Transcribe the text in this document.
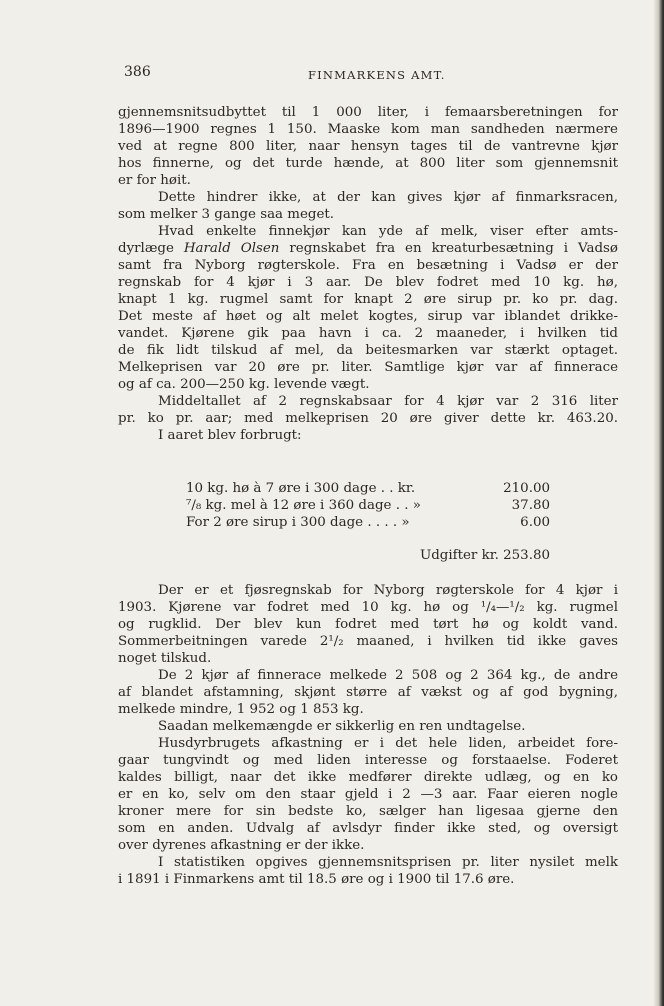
386	FINMARKENS AMT.
gjennemsnitsudbyttet til 1 000 liter, i femaarsberetningen for
1896—1900 regnes 1 150. Maaske kom man sandheden nærmere
ved at regne 800 liter, naar hensyn tages til de vantrevne kjør
hos finnerne, og det turde hænde, at 800 liter som gjennemsnit
er for høit.
Dette hindrer ikke, at der kan gives kjør af finmarksracen,
som melker 3 gange saa meget.
Hvad enkelte finnekjør kan yde af melk, viser efter amts-
dyrlæge Harald Olsen regnskabet fra en kreaturbesætning i Vadsø
samt fra Nyborg røgterskole. Fra en besætning i Vadsø er der
regnskab for 4 kjør i 3 aar. De blev fodret med 10 kg. hø,
knapt 1 kg. rugmel samt for knapt 2 øre sirup pr. ko pr. dag.
Det meste af høet og alt melet kogtes, sirup var iblandet drikke-
vandet. Kjørene gik paa havn i ca. 2 maaneder, i hvilken tid
de fik lidt tilskud af mel, da beitesmarken var stærkt optaget.
Melkeprisen var 20 øre pr. liter. Samtlige kjør var af finnerace
og af ca. 200—250 kg. levende vægt.
Middeltallet af 2 regnskabsaar for 4 kjør var 2 316 liter
pr. ko pr. aar; med melkeprisen 20 øre giver dette kr. 463.20.
I aaret blev forbrugt:
10 kg. hø à 7 øre i 300 dage . . kr.	210.00
⁷/₈ kg. mel à 12 øre i 360 dage . . »	37.80
For 2 øre sirup i 300 dage . . . . »	6.00
Udgifter kr. 253.80
Der er et fjøsregnskab for Nyborg røgterskole for 4 kjør i
1903. Kjørene var fodret med 10 kg. hø og ¹/₄—¹/₂ kg. rugmel
og rugklid. Der blev kun fodret med tørt hø og koldt vand.
Sommerbeitningen varede 2¹/₂ maaned, i hvilken tid ikke gaves
noget tilskud.
De 2 kjør af finnerace melkede 2 508 og 2 364 kg., de andre
af blandet afstamning, skjønt større af vækst og af god bygning,
melkede mindre, 1 952 og 1 853 kg.
Saadan melkemængde er sikkerlig en ren undtagelse.
Husdyrbrugets afkastning er i det hele liden, arbeidet fore-
gaar tungvindt og med liden interesse og forstaaelse. Foderet
kaldes billigt, naar det ikke medfører direkte udlæg, og en ko
er en ko, selv om den staar gjeld i 2 —3 aar. Faar eieren nogle
kroner mere for sin bedste ko, sælger han ligesaa gjerne den
som en anden. Udvalg af avlsdyr finder ikke sted, og oversigt
over dyrenes afkastning er der ikke.
I statistiken opgives gjennemsnitsprisen pr. liter nysilet melk
i 1891 i Finmarkens amt til 18.5 øre og i 1900 til 17.6 øre.
